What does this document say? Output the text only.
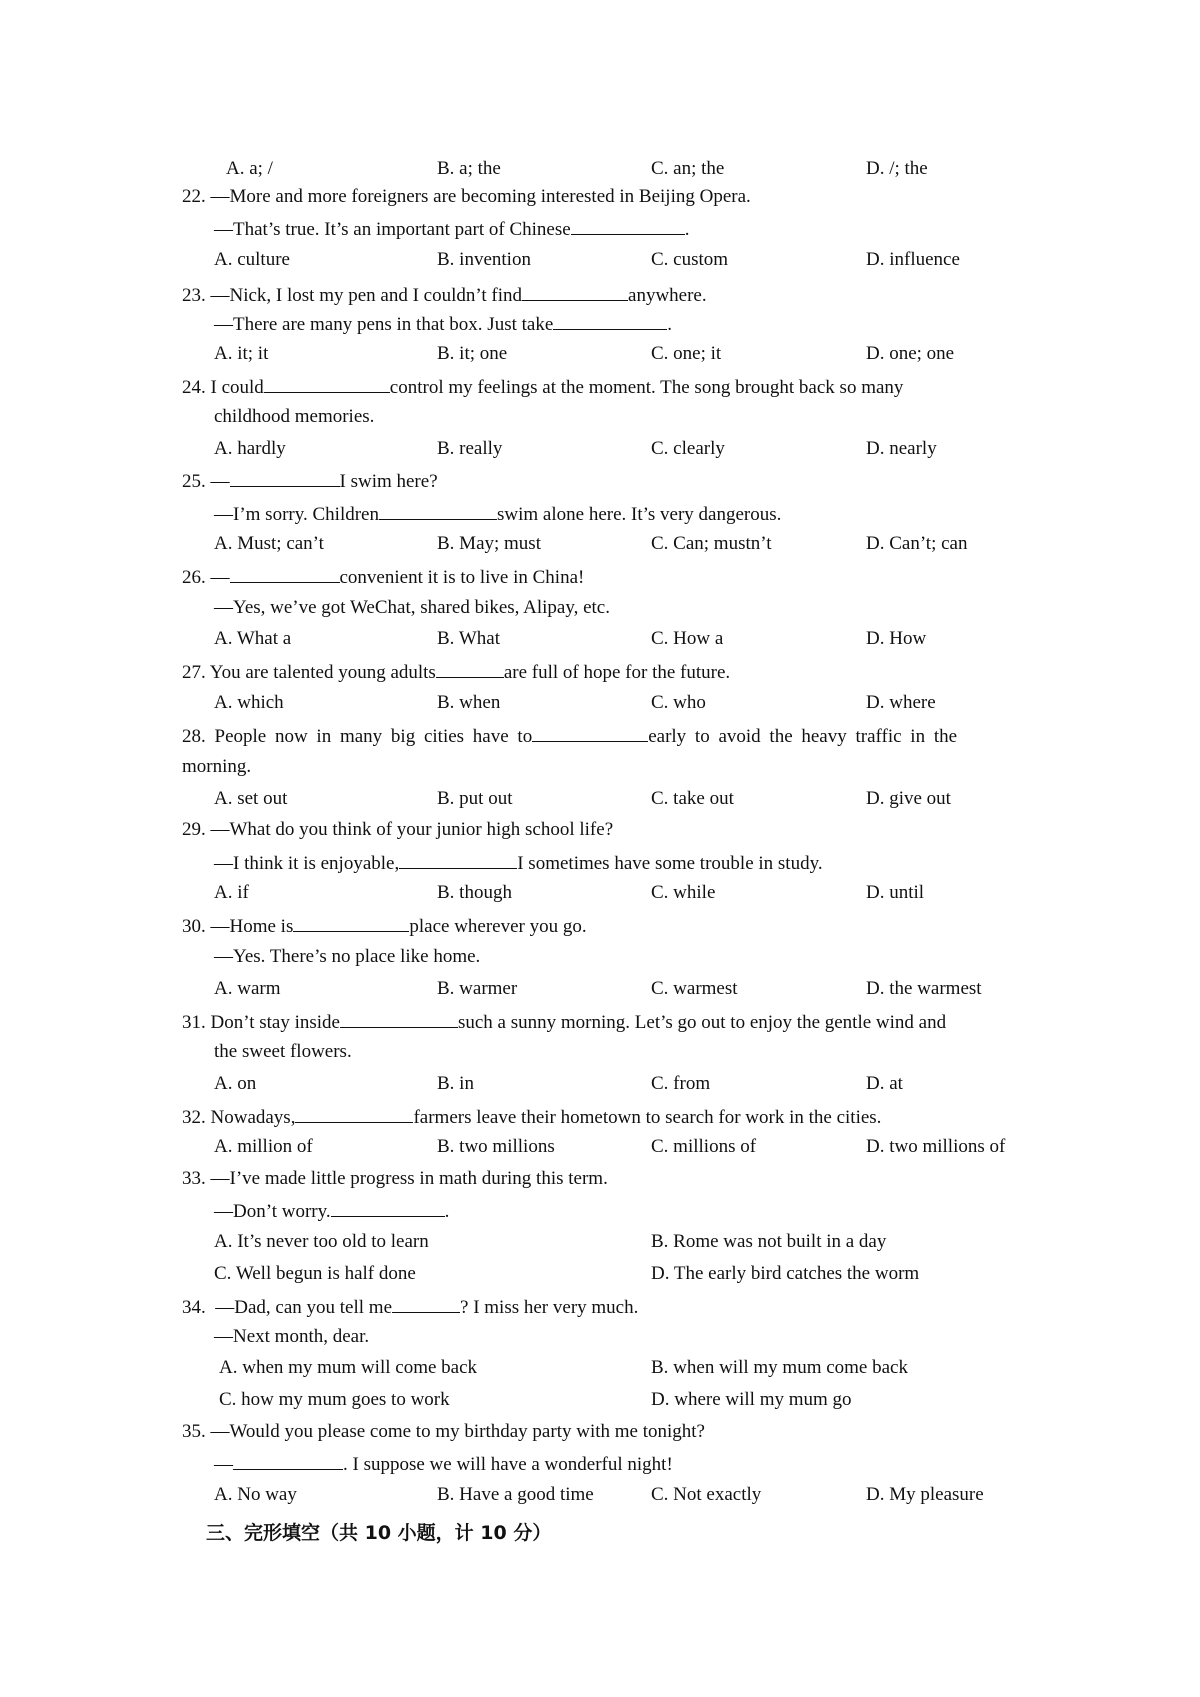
A. a; /	B. a; the	C. an; the	D. /; the
22. —More and more foreigners are becoming interested in Beijing Opera.
—That’s true. It’s an important part of Chinese	.
A. culture	B. invention	C. custom	D. influence
23. —Nick, I lost my pen and I couldn’t find	anywhere.
—There are many pens in that box. Just take	.
A. it; it	B. it; one	C. one; it	D. one; one
24. I could	control my feelings at the moment. The song brought back so many
childhood memories.
A. hardly	B. really	C. clearly	D. nearly
25. —	I swim here?
—I’m sorry. Children	swim alone here. It’s very dangerous.
A. Must; can’t	B. May; must	C. Can; mustn’t	D. Can’t; can
26. —	convenient it is to live in China!
—Yes, we’ve got WeChat, shared bikes, Alipay, etc.
A. What a	B. What	C. How a	D. How
27. You are talented young adults	are full of hope for the future.
A. which	B. when	C. who	D. where
28. People now in many big cities have to	early to avoid the heavy traffic in the
morning.
A. set out	B. put out	C. take out	D. give out
29. —What do you think of your junior high school life?
—I think it is enjoyable,	I sometimes have some trouble in study.
A. if	B. though	C. while	D. until
30. —Home is	place wherever you go.
—Yes. There’s no place like home.
A. warm	B. warmer	C. warmest	D. the warmest
31. Don’t stay inside	such a sunny morning. Let’s go out to enjoy the gentle wind and
the sweet flowers.
A. on	B. in	C. from	D. at
32. Nowadays,	farmers leave their hometown to search for work in the cities.
A. million of	B. two millions	C. millions of	D. two millions of
33. —I’ve made little progress in math during this term.
—Don’t worry.	.
A. It’s never too old to learn	B. Rome was not built in a day
C. Well begun is half done	D. The early bird catches the worm
34.  —Dad, can you tell me	? I miss her very much.
—Next month, dear.
A. when my mum will come back	B. when will my mum come back
C. how my mum goes to work	D. where will my mum go
35. —Would you please come to my birthday party with me tonight?
—	. I suppose we will have a wonderful night!
A. No way	B. Have a good time	C. Not exactly	D. My pleasure
三、完形填空（共 10 小题，计 10 分）
